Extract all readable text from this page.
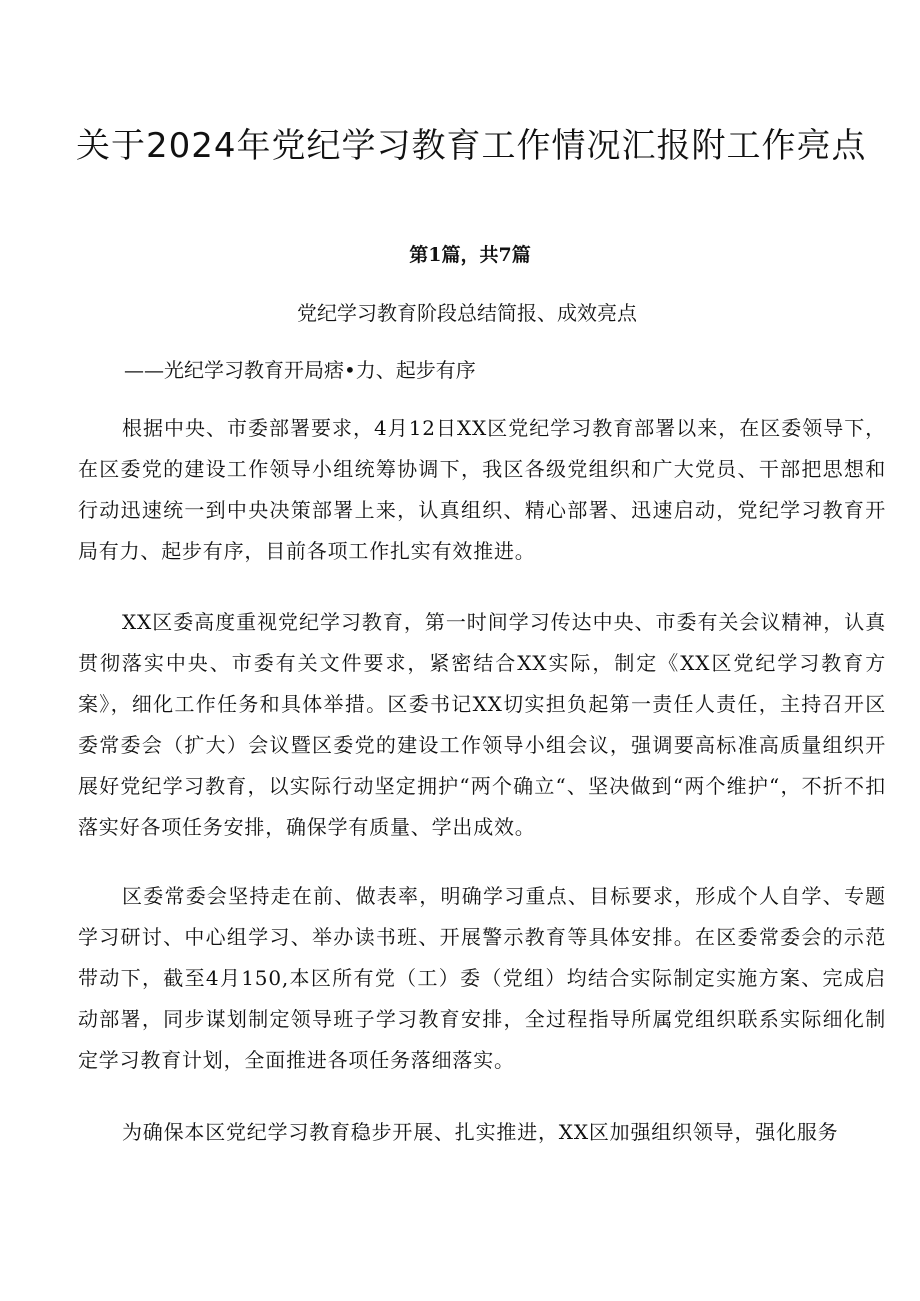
关于2024年党纪学习教育工作情况汇报附工作亮点
第1篇，共7篇
党纪学习教育阶段总结简报、成效亮点
——光纪学习教育开局痞•力、起步有序

根据中央、市委部署要求，4月12日XX区党纪学习教育部署以来，在区委领导下，在区委党的建设工作领导小组统筹协调下，我区各级党组织和广大党员、干部把思想和行动迅速统一到中央决策部署上来，认真组织、精心部署、迅速启动，党纪学习教育开局有力、起步有序，目前各项工作扎实有效推进。

XX区委高度重视党纪学习教育，第一时间学习传达中央、市委有关会议精神，认真贯彻落实中央、市委有关文件要求，紧密结合XX实际，制定《XX区党纪学习教育方案》，细化工作任务和具体举措。区委书记XX切实担负起第一责任人责任，主持召开区委常委会（扩大）会议暨区委党的建设工作领导小组会议，强调要高标准高质量组织开展好党纪学习教育，以实际行动坚定拥护“两个确立“、坚决做到“两个维护“，不折不扣落实好各项任务安排，确保学有质量、学出成效。

区委常委会坚持走在前、做表率，明确学习重点、目标要求，形成个人自学、专题学习研讨、中心组学习、举办读书班、开展警示教育等具体安排。在区委常委会的示范带动下，截至4月150,本区所有党（工）委（党组）均结合实际制定实施方案、完成启动部署，同步谋划制定领导班子学习教育安排，全过程指导所属党组织联系实际细化制定学习教育计划，全面推进各项任务落细落实。

为确保本区党纪学习教育稳步开展、扎实推进，XX区加强组织领导，强化服务
